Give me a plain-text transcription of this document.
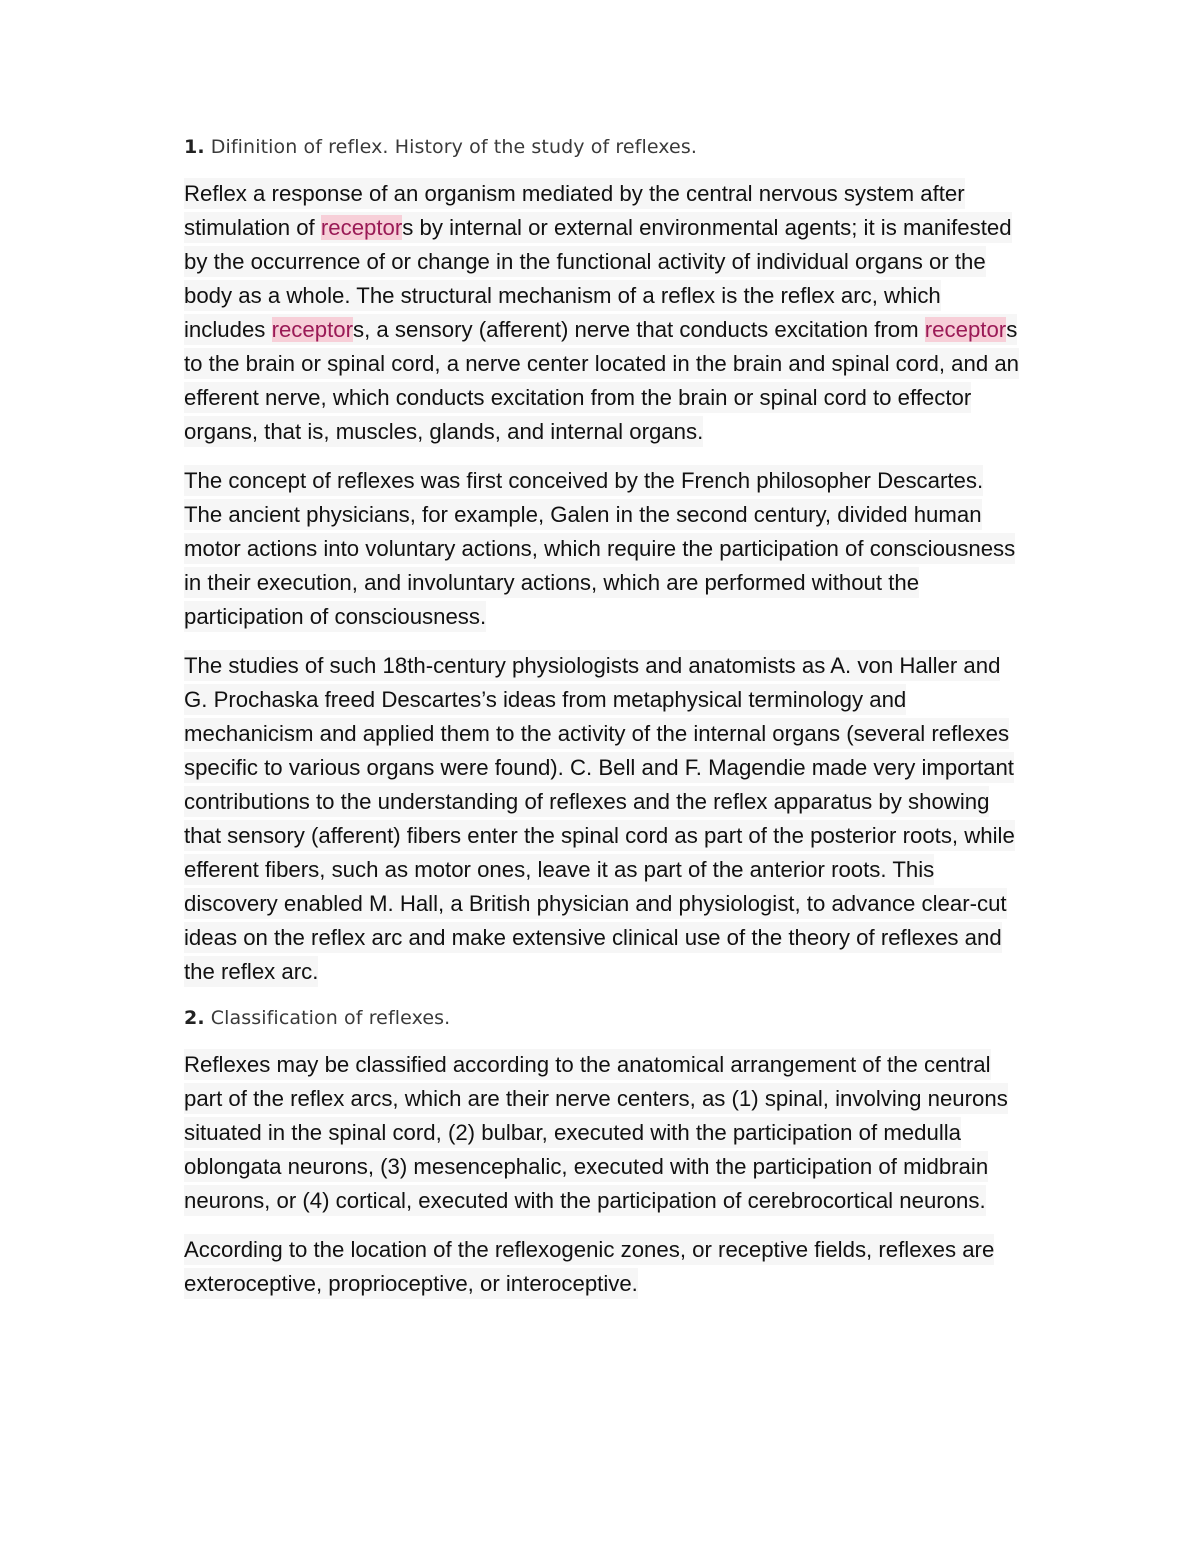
1. Difinition of reflex. History of the study of reflexes.

Reflex a response of an organism mediated by the central nervous system after stimulation of receptors by internal or external environmental agents; it is manifested by the occurrence of or change in the functional activity of individual organs or the body as a whole. The structural mechanism of a reflex is the reflex arc, which includes receptors, a sensory (afferent) nerve that conducts excitation from receptors to the brain or spinal cord, a nerve center located in the brain and spinal cord, and an efferent nerve, which conducts excitation from the brain or spinal cord to effector organs, that is, muscles, glands, and internal organs.

The concept of reflexes was first conceived by the French philosopher Descartes. The ancient physicians, for example, Galen in the second century, divided human motor actions into voluntary actions, which require the participation of consciousness in their execution, and involuntary actions, which are performed without the participation of consciousness.

The studies of such 18th-century physiologists and anatomists as A. von Haller and G. Prochaska freed Descartes’s ideas from metaphysical terminology and mechanicism and applied them to the activity of the internal organs (several reflexes specific to various organs were found). C. Bell and F. Magendie made very important contributions to the understanding of reflexes and the reflex apparatus by showing that sensory (afferent) fibers enter the spinal cord as part of the posterior roots, while efferent fibers, such as motor ones, leave it as part of the anterior roots. This discovery enabled M. Hall, a British physician and physiologist, to advance clear-cut ideas on the reflex arc and make extensive clinical use of the theory of reflexes and the reflex arc.

2. Classification of reflexes.

Reflexes may be classified according to the anatomical arrangement of the central part of the reflex arcs, which are their nerve centers, as (1) spinal, involving neurons situated in the spinal cord, (2) bulbar, executed with the participation of medulla oblongata neurons, (3) mesencephalic, executed with the participation of midbrain neurons, or (4) cortical, executed with the participation of cerebrocortical neurons.

According to the location of the reflexogenic zones, or receptive fields, reflexes are exteroceptive, proprioceptive, or interoceptive.
